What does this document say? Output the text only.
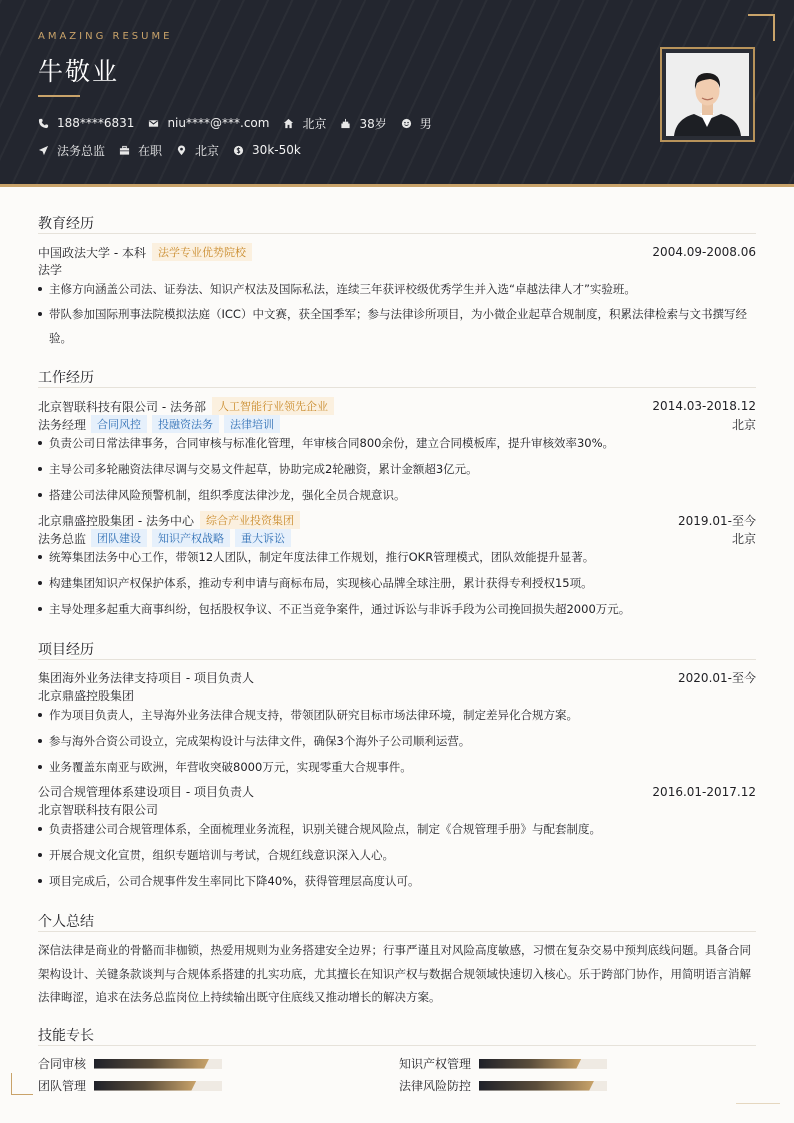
AMAZING RESUME
牛敬业
188****6831	niu****@***.com	北京	38岁	男
法务总监	在职	北京	30k-50k
教育经历
中国政法大学 - 本科	法学专业优势院校	2004.09-2008.06
法学
主修方向涵盖公司法、证券法、知识产权法及国际私法，连续三年获评校级优秀学生并入选“卓越法律人才”实验班。
带队参加国际刑事法院模拟法庭（ICC）中文赛，获全国季军；参与法律诊所项目，为小微企业起草合规制度，积累法律检索与文书撰写经验。
工作经历
北京智联科技有限公司 - 法务部	人工智能行业领先企业	2014.03-2018.12
法务经理	合同风控	投融资法务	法律培训	北京
负责公司日常法律事务，合同审核与标准化管理，年审核合同800余份，建立合同模板库，提升审核效率30%。
主导公司多轮融资法律尽调与交易文件起草，协助完成2轮融资，累计金额超3亿元。
搭建公司法律风险预警机制，组织季度法律沙龙，强化全员合规意识。
北京鼎盛控股集团 - 法务中心	综合产业投资集团	2019.01-至今
法务总监	团队建设	知识产权战略	重大诉讼	北京
统筹集团法务中心工作，带领12人团队，制定年度法律工作规划，推行OKR管理模式，团队效能提升显著。
构建集团知识产权保护体系，推动专利申请与商标布局，实现核心品牌全球注册，累计获得专利授权15项。
主导处理多起重大商事纠纷，包括股权争议、不正当竞争案件，通过诉讼与非诉手段为公司挽回损失超2000万元。
项目经历
集团海外业务法律支持项目 - 项目负责人	2020.01-至今
北京鼎盛控股集团
作为项目负责人，主导海外业务法律合规支持，带领团队研究目标市场法律环境，制定差异化合规方案。
参与海外合资公司设立，完成架构设计与法律文件，确保3个海外子公司顺利运营。
业务覆盖东南亚与欧洲，年营收突破8000万元，实现零重大合规事件。
公司合规管理体系建设项目 - 项目负责人	2016.01-2017.12
北京智联科技有限公司
负责搭建公司合规管理体系，全面梳理业务流程，识别关键合规风险点，制定《合规管理手册》与配套制度。
开展合规文化宣贯，组织专题培训与考试，合规红线意识深入人心。
项目完成后，公司合规事件发生率同比下降40%，获得管理层高度认可。
个人总结
深信法律是商业的骨骼而非枷锁，热爱用规则为业务搭建安全边界；行事严谨且对风险高度敏感，习惯在复杂交易中预判底线问题。具备合同架构设计、关键条款谈判与合规体系搭建的扎实功底，尤其擅长在知识产权与数据合规领域快速切入核心。乐于跨部门协作，用简明语言消解法律晦涩，追求在法务总监岗位上持续输出既守住底线又推动增长的解决方案。
技能专长
合同审核	知识产权管理
团队管理	法律风险防控
